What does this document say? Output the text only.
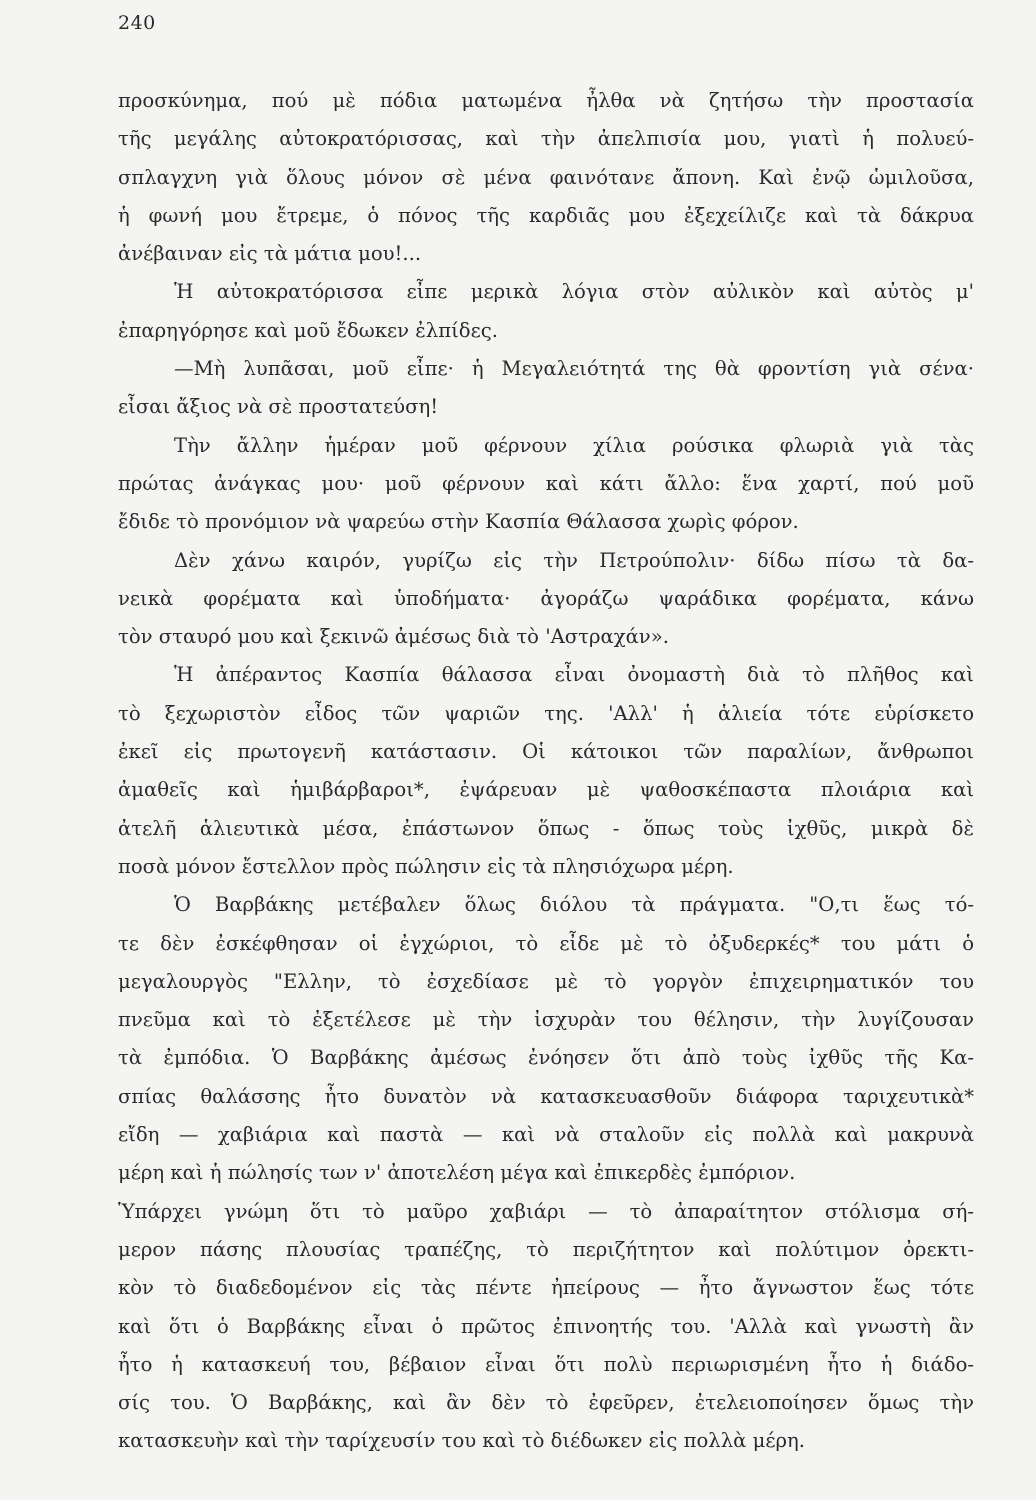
240
προσκύνημα, πού μὲ πόδια ματωμένα ἦλθα νὰ ζητήσω τὴν προστασία
τῆς μεγάλης αὐτοκρατόρισσας, καὶ τὴν ἀπελπισία μου, γιατὶ ἡ πολυεύ-
σπλαγχνη γιὰ ὅλους μόνον σὲ μένα φαινότανε ἄπονη. Καὶ ἐνῷ ὡμιλοῦσα,
ἡ φωνή μου ἔτρεμε, ὁ πόνος τῆς καρδιᾶς μου ἐξεχείλιζε καὶ τὰ δάκρυα
ἀνέβαιναν εἰς τὰ μάτια μου!...
Ἡ αὐτοκρατόρισσα εἶπε μερικὰ λόγια στὸν αὐλικὸν καὶ αὐτὸς μ'
ἐπαρηγόρησε καὶ μοῦ ἔδωκεν ἐλπίδες.
—Μὴ λυπᾶσαι, μοῦ εἶπε· ἡ Μεγαλειότητά της θὰ φροντίση γιὰ σένα·
εἶσαι ἄξιος νὰ σὲ προστατεύση!
Τὴν ἄλλην ἡμέραν μοῦ φέρνουν χίλια ρούσικα φλωριὰ γιὰ τὰς
πρώτας ἀνάγκας μου· μοῦ φέρνουν καὶ κάτι ἄλλο: ἕνα χαρτί, πού μοῦ
ἔδιδε τὸ προνόμιον νὰ ψαρεύω στὴν Κασπία Θάλασσα χωρὶς φόρον.
Δὲν χάνω καιρόν, γυρίζω εἰς τὴν Πετρούπολιν· δίδω πίσω τὰ δα-
νεικὰ φορέματα καὶ ὑποδήματα· ἀγοράζω ψαράδικα φορέματα, κάνω
τὸν σταυρό μου καὶ ξεκινῶ ἀμέσως διὰ τὸ 'Αστραχάν».
Ἡ ἀπέραντος Κασπία θάλασσα εἶναι ὀνομαστὴ διὰ τὸ πλῆθος καὶ
τὸ ξεχωριστὸν εἶδος τῶν ψαριῶν της. 'Αλλ' ἡ ἁλιεία τότε εὑρίσκετο
ἐκεῖ εἰς πρωτογενῆ κατάστασιν. Οἱ κάτοικοι τῶν παραλίων, ἄνθρωποι
ἀμαθεῖς καὶ ἡμιβάρβαροι*, ἐψάρευαν μὲ ψαθοσκέπαστα πλοιάρια καὶ
ἀτελῆ ἁλιευτικὰ μέσα, ἐπάστωνον ὅπως - ὅπως τοὺς ἰχθῦς, μικρὰ δὲ
ποσὰ μόνον ἔστελλον πρὸς πώλησιν εἰς τὰ πλησιόχωρα μέρη.
Ὁ Βαρβάκης μετέβαλεν ὅλως διόλου τὰ πράγματα. "Ο,τι ἕως τό-
τε δὲν ἐσκέφθησαν οἱ ἐγχώριοι, τὸ εἶδε μὲ τὸ ὀξυδερκές* του μάτι ὁ
μεγαλουργὸς "Ελλην, τὸ ἐσχεδίασε μὲ τὸ γοργὸν ἐπιχειρηματικόν του
πνεῦμα καὶ τὸ ἐξετέλεσε μὲ τὴν ἰσχυρὰν του θέλησιν, τὴν λυγίζουσαν
τὰ ἐμπόδια. Ὁ Βαρβάκης ἀμέσως ἐνόησεν ὅτι ἀπὸ τοὺς ἰχθῦς τῆς Κα-
σπίας θαλάσσης ἦτο δυνατὸν νὰ κατασκευασθοῦν διάφορα ταριχευτικὰ*
εἴδη — χαβιάρια καὶ παστὰ — καὶ νὰ σταλοῦν εἰς πολλὰ καὶ μακρυνὰ
μέρη καὶ ἡ πώλησίς των ν' ἀποτελέση μέγα καὶ ἐπικερδὲς ἐμπόριον.
Ὑπάρχει γνώμη ὅτι τὸ μαῦρο χαβιάρι — τὸ ἀπαραίτητον στόλισμα σή-
μερον πάσης πλουσίας τραπέζης, τὸ περιζήτητον καὶ πολύτιμον ὀρεκτι-
κὸν τὸ διαδεδομένον εἰς τὰς πέντε ἠπείρους — ἦτο ἄγνωστον ἕως τότε
καὶ ὅτι ὁ Βαρβάκης εἶναι ὁ πρῶτος ἐπινοητής του. 'Αλλὰ καὶ γνωστὴ ἂν
ἦτο ἡ κατασκευή του, βέβαιον εἶναι ὅτι πολὺ περιωρισμένη ἦτο ἡ διάδο-
σίς του. Ὁ Βαρβάκης, καὶ ἂν δὲν τὸ ἐφεῦρεν, ἐτελειοποίησεν ὅμως τὴν
κατασκευὴν καὶ τὴν ταρίχευσίν του καὶ τὸ διέδωκεν εἰς πολλὰ μέρη.
